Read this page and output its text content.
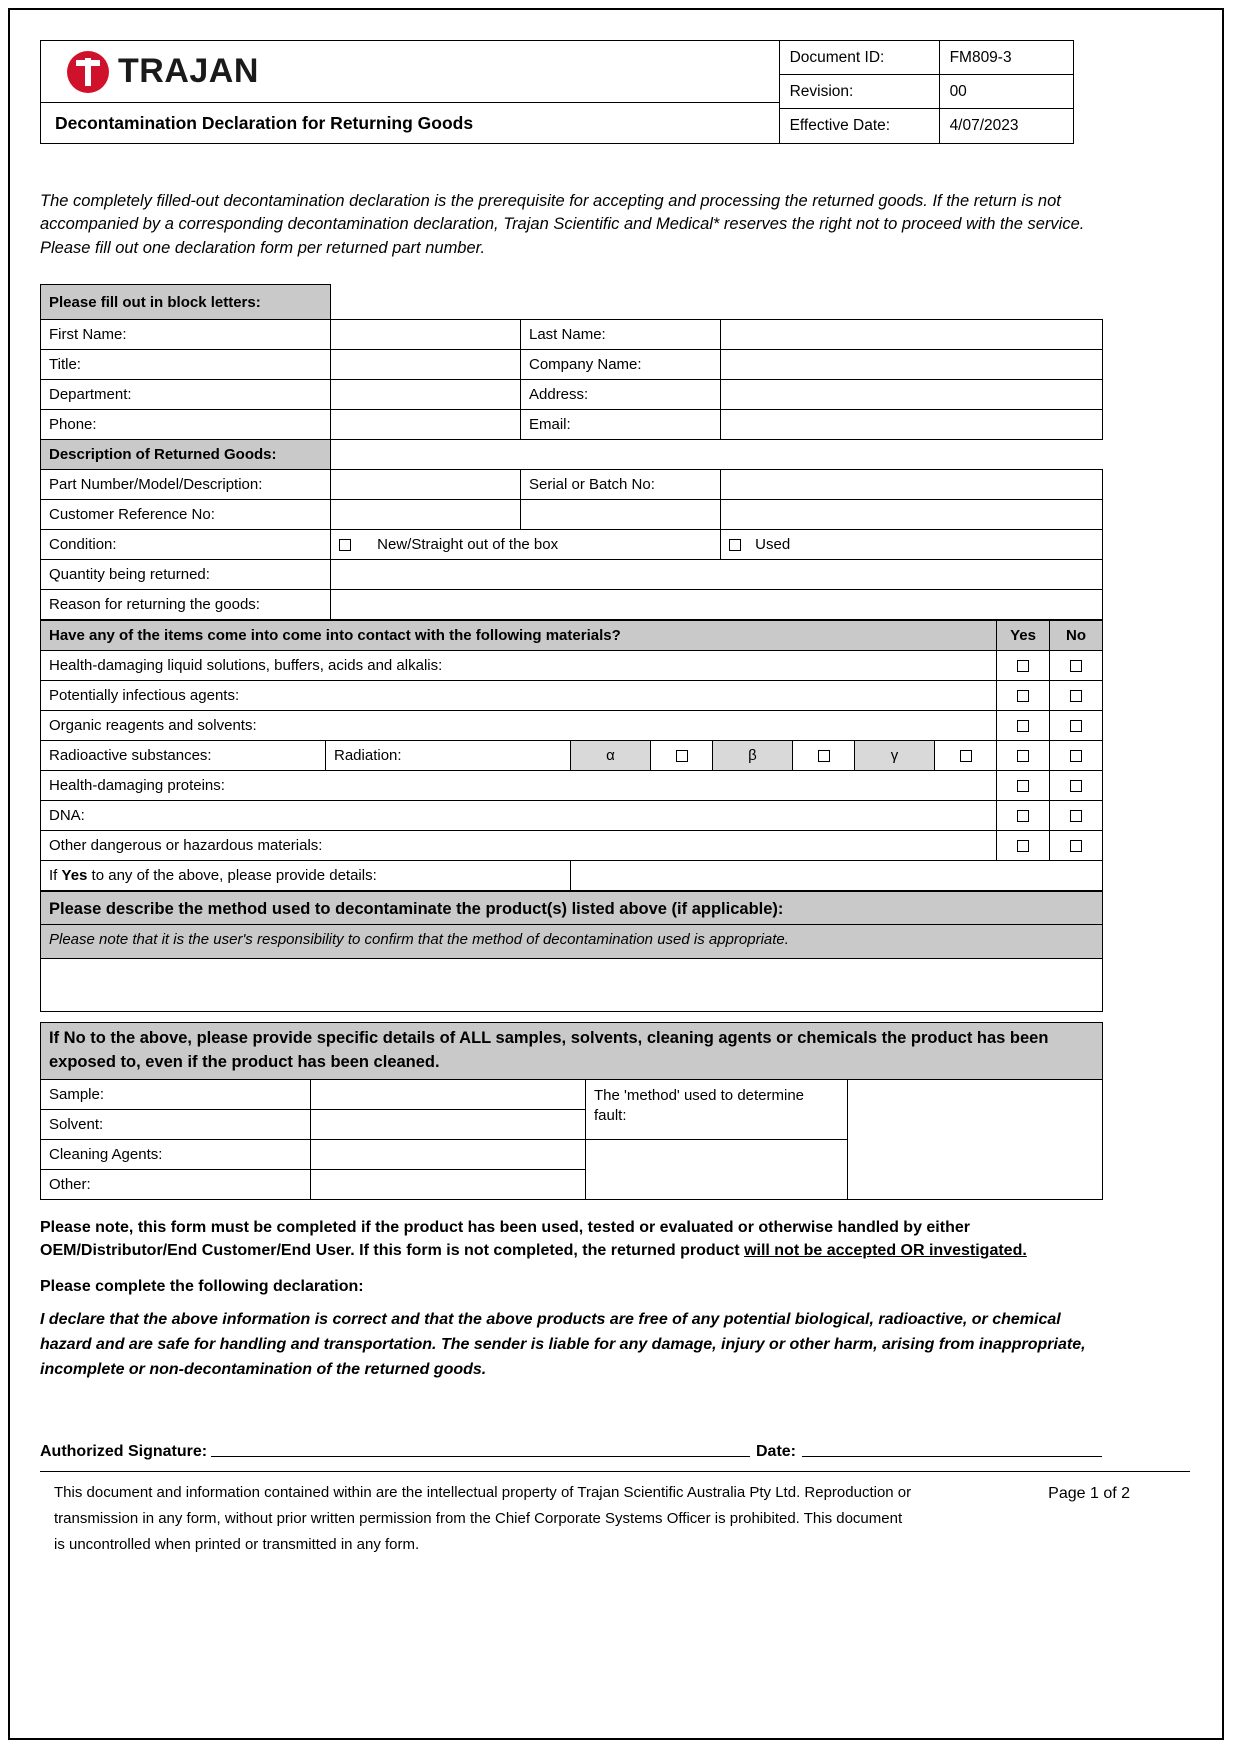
TRAJAN
Decontamination Declaration for Returning Goods
Document ID:	FM809-3
Revision:	00
Effective Date:	4/07/2023
The completely filled-out decontamination declaration is the prerequisite for accepting and processing the returned goods. If the return is not accompanied by a corresponding decontamination declaration, Trajan Scientific and Medical* reserves the right not to proceed with the service. Please fill out one declaration form per returned part number.
Please fill out in block letters:			
First Name:		Last Name:	
Title:		Company Name:	
Department:		Address:	
Phone:		Email:	
Description of Returned Goods:			
Part Number/Model/Description:		Serial or Batch No:	
Customer Reference No:			
Condition:	New/Straight out of the box		Used
Quantity being returned:			
Reason for returning the goods:			
Have any of the items come into come into contact with the following materials?								Yes	No
Health-damaging liquid solutions, buffers, acids and alkalis:									
Potentially infectious agents:									
Organic reagents and solvents:									
Radioactive substances:	Radiation:	α		β		γ			
Health-damaging proteins:									
DNA:									
Other dangerous or hazardous materials:									
If Yes to any of the above, please provide details:									
Please describe the method used to decontaminate the product(s) listed above (if applicable):
Please note that it is the user's responsibility to confirm that the method of decontamination used is appropriate.

If No to the above, please provide specific details of ALL samples, solvents, cleaning agents or chemicals the product has been exposed to, even if the product has been cleaned.			
Sample:		The 'method' used to determine fault:	
Solvent:			
Cleaning Agents:			
Other:			
Please note, this form must be completed if the product has been used, tested or evaluated or otherwise handled by either OEM/Distributor/End Customer/End User. If this form is not completed, the returned product will not be accepted OR investigated.
Please complete the following declaration:
I declare that the above information is correct and that the above products are free of any potential biological, radioactive, or chemical hazard and are safe for handling and transportation. The sender is liable for any damage, injury or other harm, arising from inappropriate, incomplete or non-decontamination of the returned goods.
Authorized Signature:	Date:
This document and information contained within are the intellectual property of Trajan Scientific Australia Pty Ltd. Reproduction or transmission in any form, without prior written permission from the Chief Corporate Systems Officer is prohibited. This document is uncontrolled when printed or transmitted in any form.
Page 1 of 2
